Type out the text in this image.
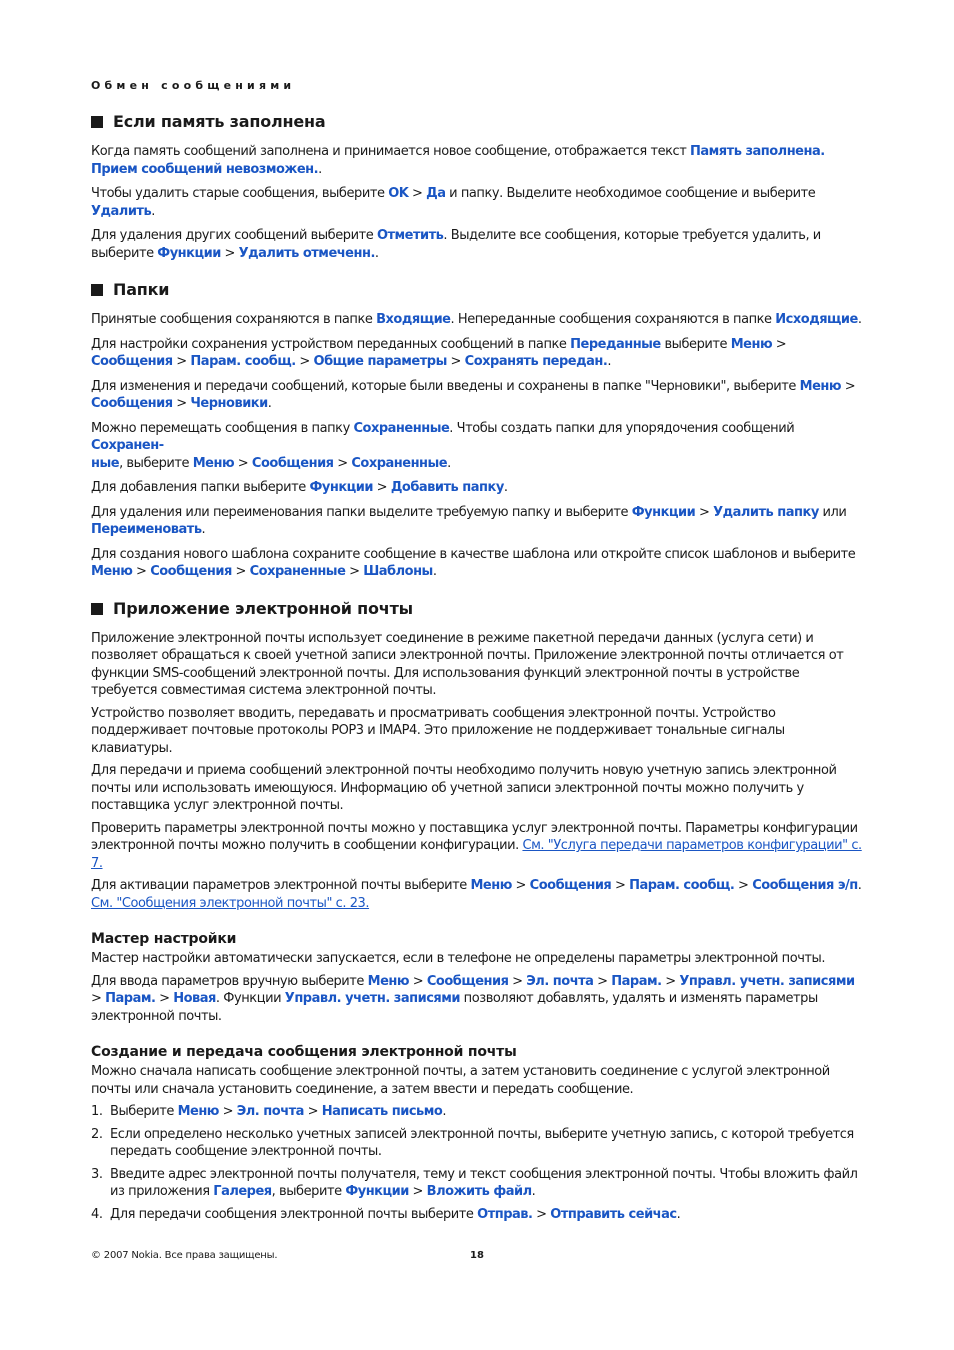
Обмен сообщениями
Если память заполнена

Когда память сообщений заполнена и принимается новое сообщение, отображается текст Память заполнена. Прием сообщений невозможен..

Чтобы удалить старые сообщения, выберите OK > Да и папку. Выделите необходимое сообщение и выберите Удалить.

Для удаления других сообщений выберите Отметить. Выделите все сообщения, которые требуется удалить, и выберите Функции > Удалить отмеченн..

Папки

Принятые сообщения сохраняются в папке Входящие. Непереданные сообщения сохраняются в папке Исходящие.

Для настройки сохранения устройством переданных сообщений в папке Переданные выберите Меню > Сообщения > Парам. сообщ. > Общие параметры > Сохранять передан..

Для изменения и передачи сообщений, которые были введены и сохранены в папке "Черновики", выберите Меню > Сообщения > Черновики.

Можно перемещать сообщения в папку Сохраненные. Чтобы создать папки для упорядочения сообщений Сохранен-
ные, выберите Меню > Сообщения > Сохраненные.

Для добавления папки выберите Функции > Добавить папку.

Для удаления или переименования папки выделите требуемую папку и выберите Функции > Удалить папку или Переименовать.

Для создания нового шаблона сохраните сообщение в качестве шаблона или откройте список шаблонов и выберите Меню > Сообщения > Сохраненные > Шаблоны.

Приложение электронной почты

Приложение электронной почты использует соединение в режиме пакетной передачи данных (услуга сети) и позволяет обращаться к своей учетной записи электронной почты. Приложение электронной почты отличается от функции SMS-сообщений электронной почты. Для использования функций электронной почты в устройстве требуется совместимая система электронной почты.

Устройство позволяет вводить, передавать и просматривать сообщения электронной почты. Устройство поддерживает почтовые протоколы POP3 и IMAP4. Это приложение не поддерживает тональные сигналы клавиатуры.

Для передачи и приема сообщений электронной почты необходимо получить новую учетную запись электронной почты или использовать имеющуюся. Информацию об учетной записи электронной почты можно получить у поставщика услуг электронной почты.

Проверить параметры электронной почты можно у поставщика услуг электронной почты. Параметры конфигурации электронной почты можно получить в сообщении конфигурации. См. "Услуга передачи параметров конфигурации" с. 7.

Для активации параметров электронной почты выберите Меню > Сообщения > Парам. сообщ. > Сообщения э/п. См. "Сообщения электронной почты" с. 23.

Мастер настройки

Мастер настройки автоматически запускается, если в телефоне не определены параметры электронной почты.

Для ввода параметров вручную выберите Меню > Сообщения > Эл. почта > Парам. > Управл. учетн. записями > Парам. > Новая. Функции Управл. учетн. записями позволяют добавлять, удалять и изменять параметры электронной почты.

Создание и передача сообщения электронной почты

Можно сначала написать сообщение электронной почты, а затем установить соединение с услугой электронной почты или сначала установить соединение, а затем ввести и передать сообщение.

1. Выберите Меню > Эл. почта > Написать письмо.
2. Если определено несколько учетных записей электронной почты, выберите учетную запись, с которой требуется передать сообщение электронной почты.
3. Введите адрес электронной почты получателя, тему и текст сообщения электронной почты. Чтобы вложить файл из приложения Галерея, выберите Функции > Вложить файл.
4. Для передачи сообщения электронной почты выберите Отправ. > Отправить сейчас.
© 2007 Nokia. Все права защищены.	18
